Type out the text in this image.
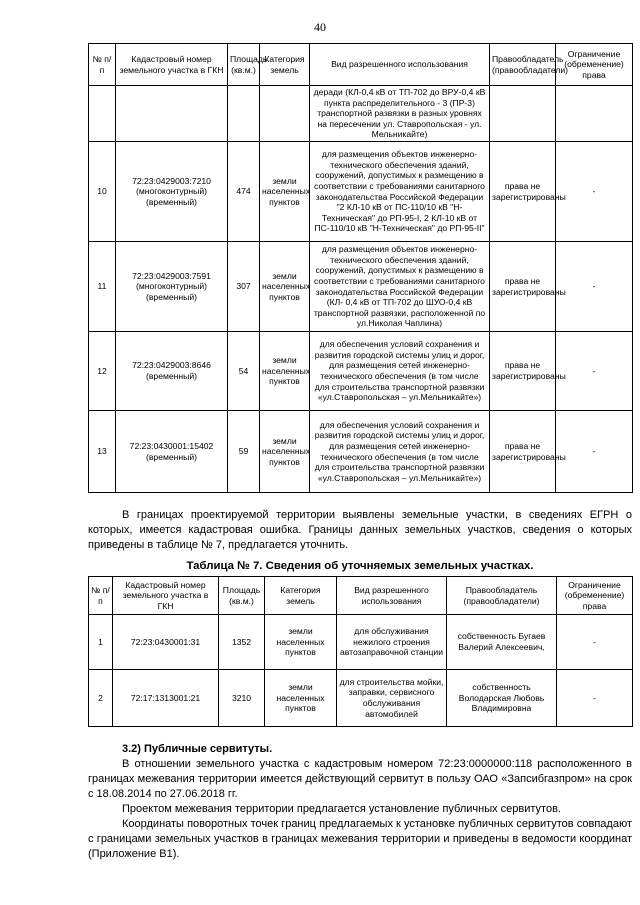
40
№ п/п	Кадастровый номер земельного участка в ГКН	Площадь (кв.м.)	Категория земель	Вид разрешенного использования	Правообладатель (правообладатели)	Ограничение (обременение) права
				деради (КЛ-0,4 кВ от ТП-702 до ВРУ-0,4 кВ пункта распределительного - 3 (ПР-3) транспортной развязки в разных уровнях на пересечении ул. Ставропольская - ул. Мельникайте)		
10	72:23:0429003:7210 (многоконтурный) (временный)	474	земли населенных пунктов	для размещения объектов инженерно-технического обеспечения зданий, сооружений, допустимых к размещению в соответствии с требованиями санитарного законодательства Российской Федерации "2 КЛ-10 кВ от ПС-110/10 кВ "Н-Техническая" до РП-95-I, 2 КЛ-10 кВ от ПС-110/10 кВ "Н-Техническая" до РП-95-II"	права не зарегистрированы	-
11	72:23:0429003:7591 (многоконтурный) (временный)	307	земли населенных пунктов	для размещения объектов инженерно-технического обеспечения зданий, сооружений, допустимых к размещению в соответствии с требованиями санитарного законодательства Российской Федерации (КЛ- 0,4 кВ от ТП-702 до ШУО-0,4 кВ транспортной развязки, расположенной по ул.Николая Чаплина)	права не зарегистрированы	-
12	72:23:0429003:8646 (временный)	54	земли населенных пунктов	для обеспечения условий сохранения и развития городской системы улиц и дорог, для размещения сетей инженерно-технического обеспечения (в том числе для строительства транспортной развязки «ул.Ставропольская – ул.Мельникайте»)	права не зарегистрированы	-
13	72:23:0430001:15402 (временный)	59	земли населенных пунктов	для обеспечения условий сохранения и развития городской системы улиц и дорог, для размещения сетей инженерно-технического обеспечения (в том числе для строительства транспортной развязки «ул.Ставропольская – ул.Мельникайте»)	права не зарегистрированы	-
В границах проектируемой территории выявлены земельные участки, в сведениях ЕГРН о которых, имеется кадастровая ошибка. Границы данных земельных участков, сведения о которых приведены в таблице № 7, предлагается уточнить.
Таблица № 7. Сведения об уточняемых земельных участках.
№ п/п	Кадастровый номер земельного участка в ГКН	Площадь (кв.м.)	Категория земель	Вид разрешенного использования	Правообладатель (правообладатели)	Ограничение (обременение) права
1	72:23:0430001:31	1352	земли населенных пунктов	для обслуживания нежилого строения автозаправочной станции	собственность Бугаев Валерий Алексеевич,	-
2	72:17:1313001:21	3210	земли населенных пунктов	для строительства мойки, заправки, сервисного обслуживания автомобилей	собственность Володарская Любовь Владимировна	-
3.2) Публичные сервитуты.
В отношении земельного участка с кадастровым номером 72:23:0000000:118 расположенного в границах межевания территории имеется действующий сервитут в пользу ОАО «Запсибгазпром» на срок с 18.08.2014 по 27.06.2018 гг.
Проектом межевания территории предлагается установление публичных сервитутов.
Координаты поворотных точек границ предлагаемых к установке публичных сервитутов совпадают с границами земельных участков в границах межевания территории и приведены в ведомости координат (Приложение В1).
